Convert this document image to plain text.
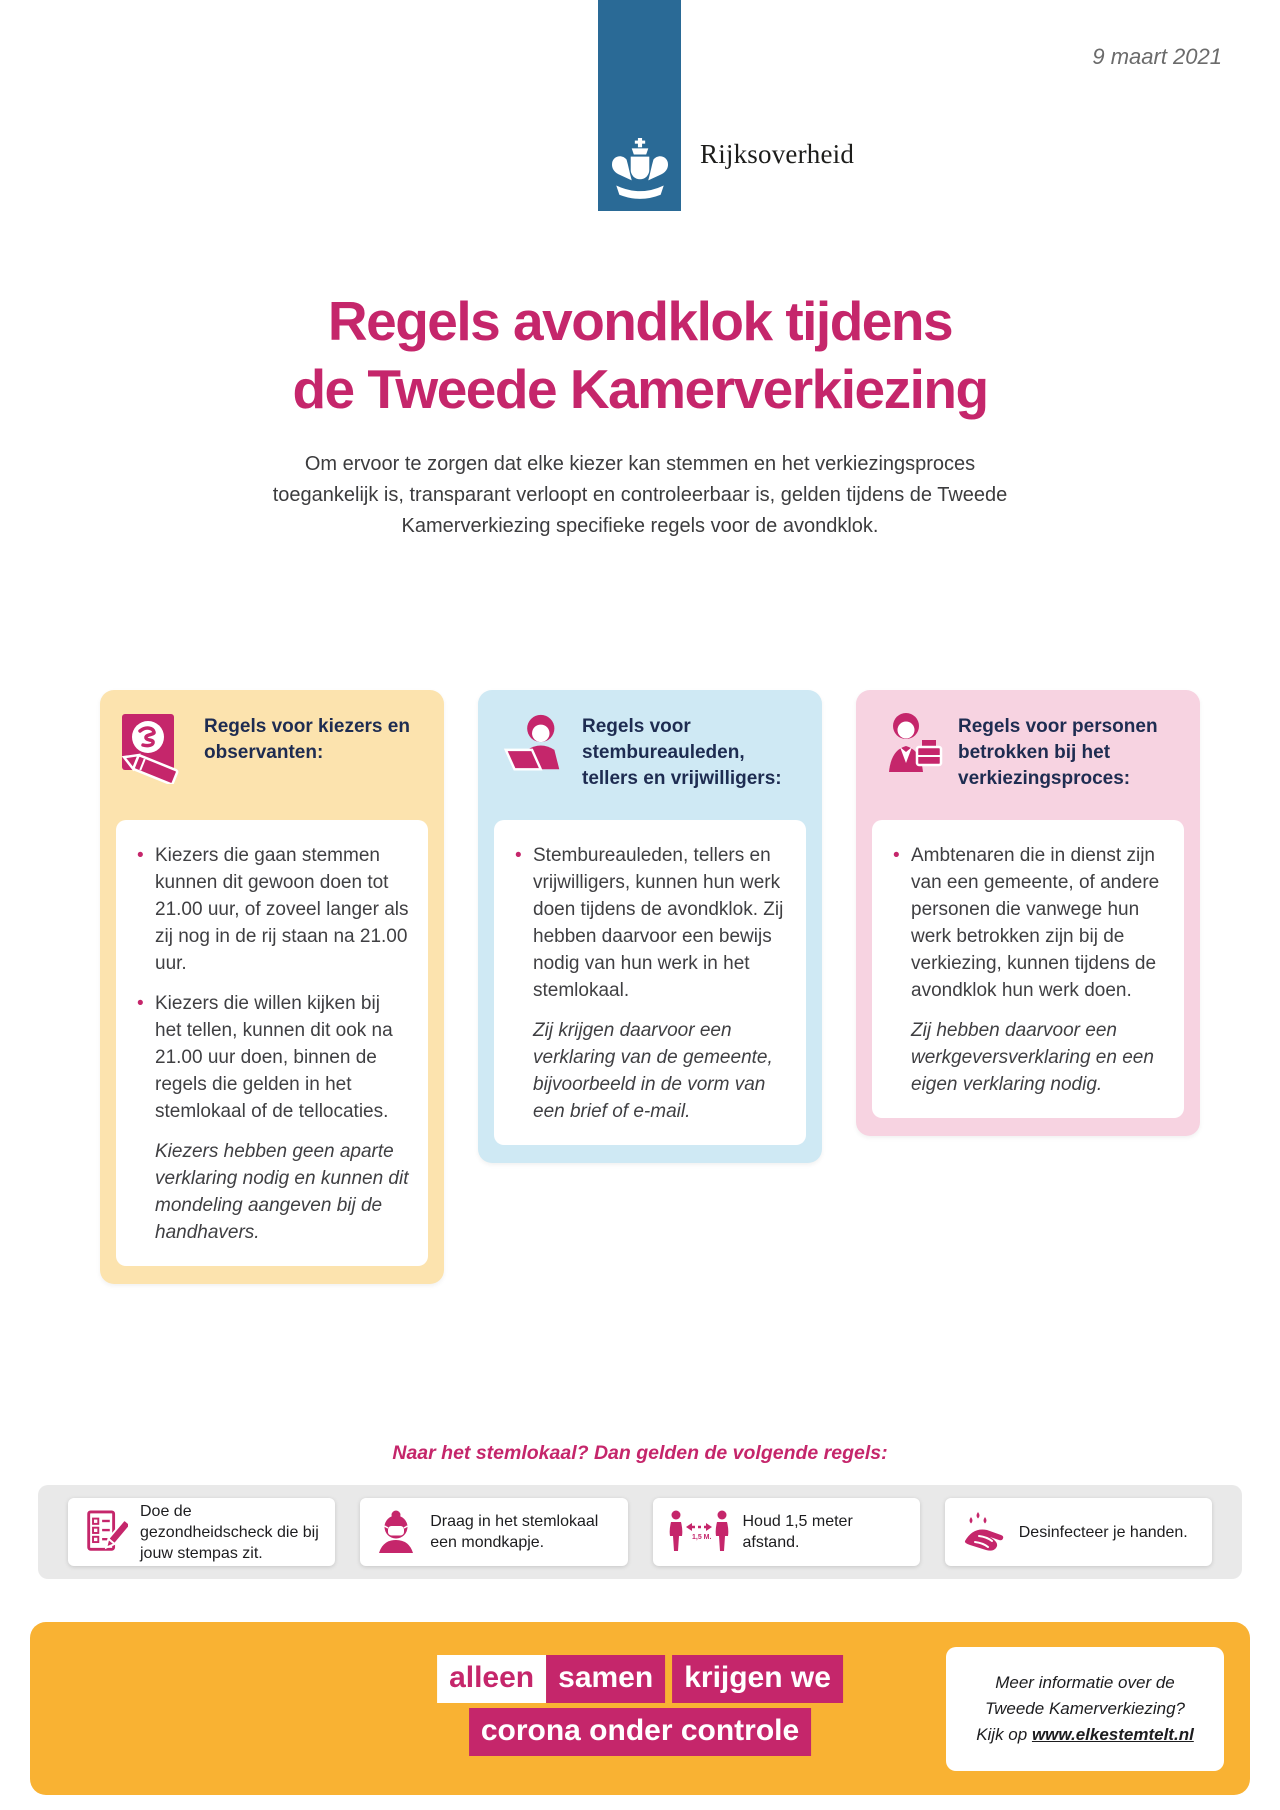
Rijksoverheid
9 maart 2021
Regels avondklok tijdens
de Tweede Kamerverkiezing
Om ervoor te zorgen dat elke kiezer kan stemmen en het verkiezingsproces
toegankelijk is, transparant verloopt en controleerbaar is, gelden tijdens de Tweede
Kamerverkiezing specifieke regels voor de avondklok.
Regels voor kiezers en
observanten:
• Kiezers die gaan stemmen kunnen dit gewoon doen tot 21.00 uur, of zoveel langer als zij nog in de rij staan na 21.00 uur.
• Kiezers die willen kijken bij het tellen, kunnen dit ook na 21.00 uur doen, binnen de regels die gelden in het stemlokaal of de tellocaties.

Kiezers hebben geen aparte verklaring nodig en kunnen dit mondeling aangeven bij de handhavers.

Regels voor
stembureauleden,
tellers en vrijwilligers:
• Stembureauleden, tellers en vrijwilligers, kunnen hun werk doen tijdens de avondklok. Zij hebben daarvoor een bewijs nodig van hun werk in het stemlokaal.

Zij krijgen daarvoor een verklaring van de gemeente, bijvoorbeeld in de vorm van een brief of e-mail.

Regels voor personen
betrokken bij het
verkiezingsproces:
• Ambtenaren die in dienst zijn van een gemeente, of andere personen die vanwege hun werk betrokken zijn bij de verkiezing, kunnen tijdens de avondklok hun werk doen.

Zij hebben daarvoor een werkgeversverklaring en een eigen verklaring nodig.

Naar het stemlokaal? Dan gelden de volgende regels:
Doe de gezondheidscheck die bij jouw stempas zit.
Draag in het stemlokaal een mondkapje.	1,5 M.
Houd 1,5 meter afstand.
Desinfecteer je handen.
alleen samen	krijgen we
corona onder controle
Meer informatie over de
Tweede Kamerverkiezing?
Kijk op www.elkestemtelt.nl
